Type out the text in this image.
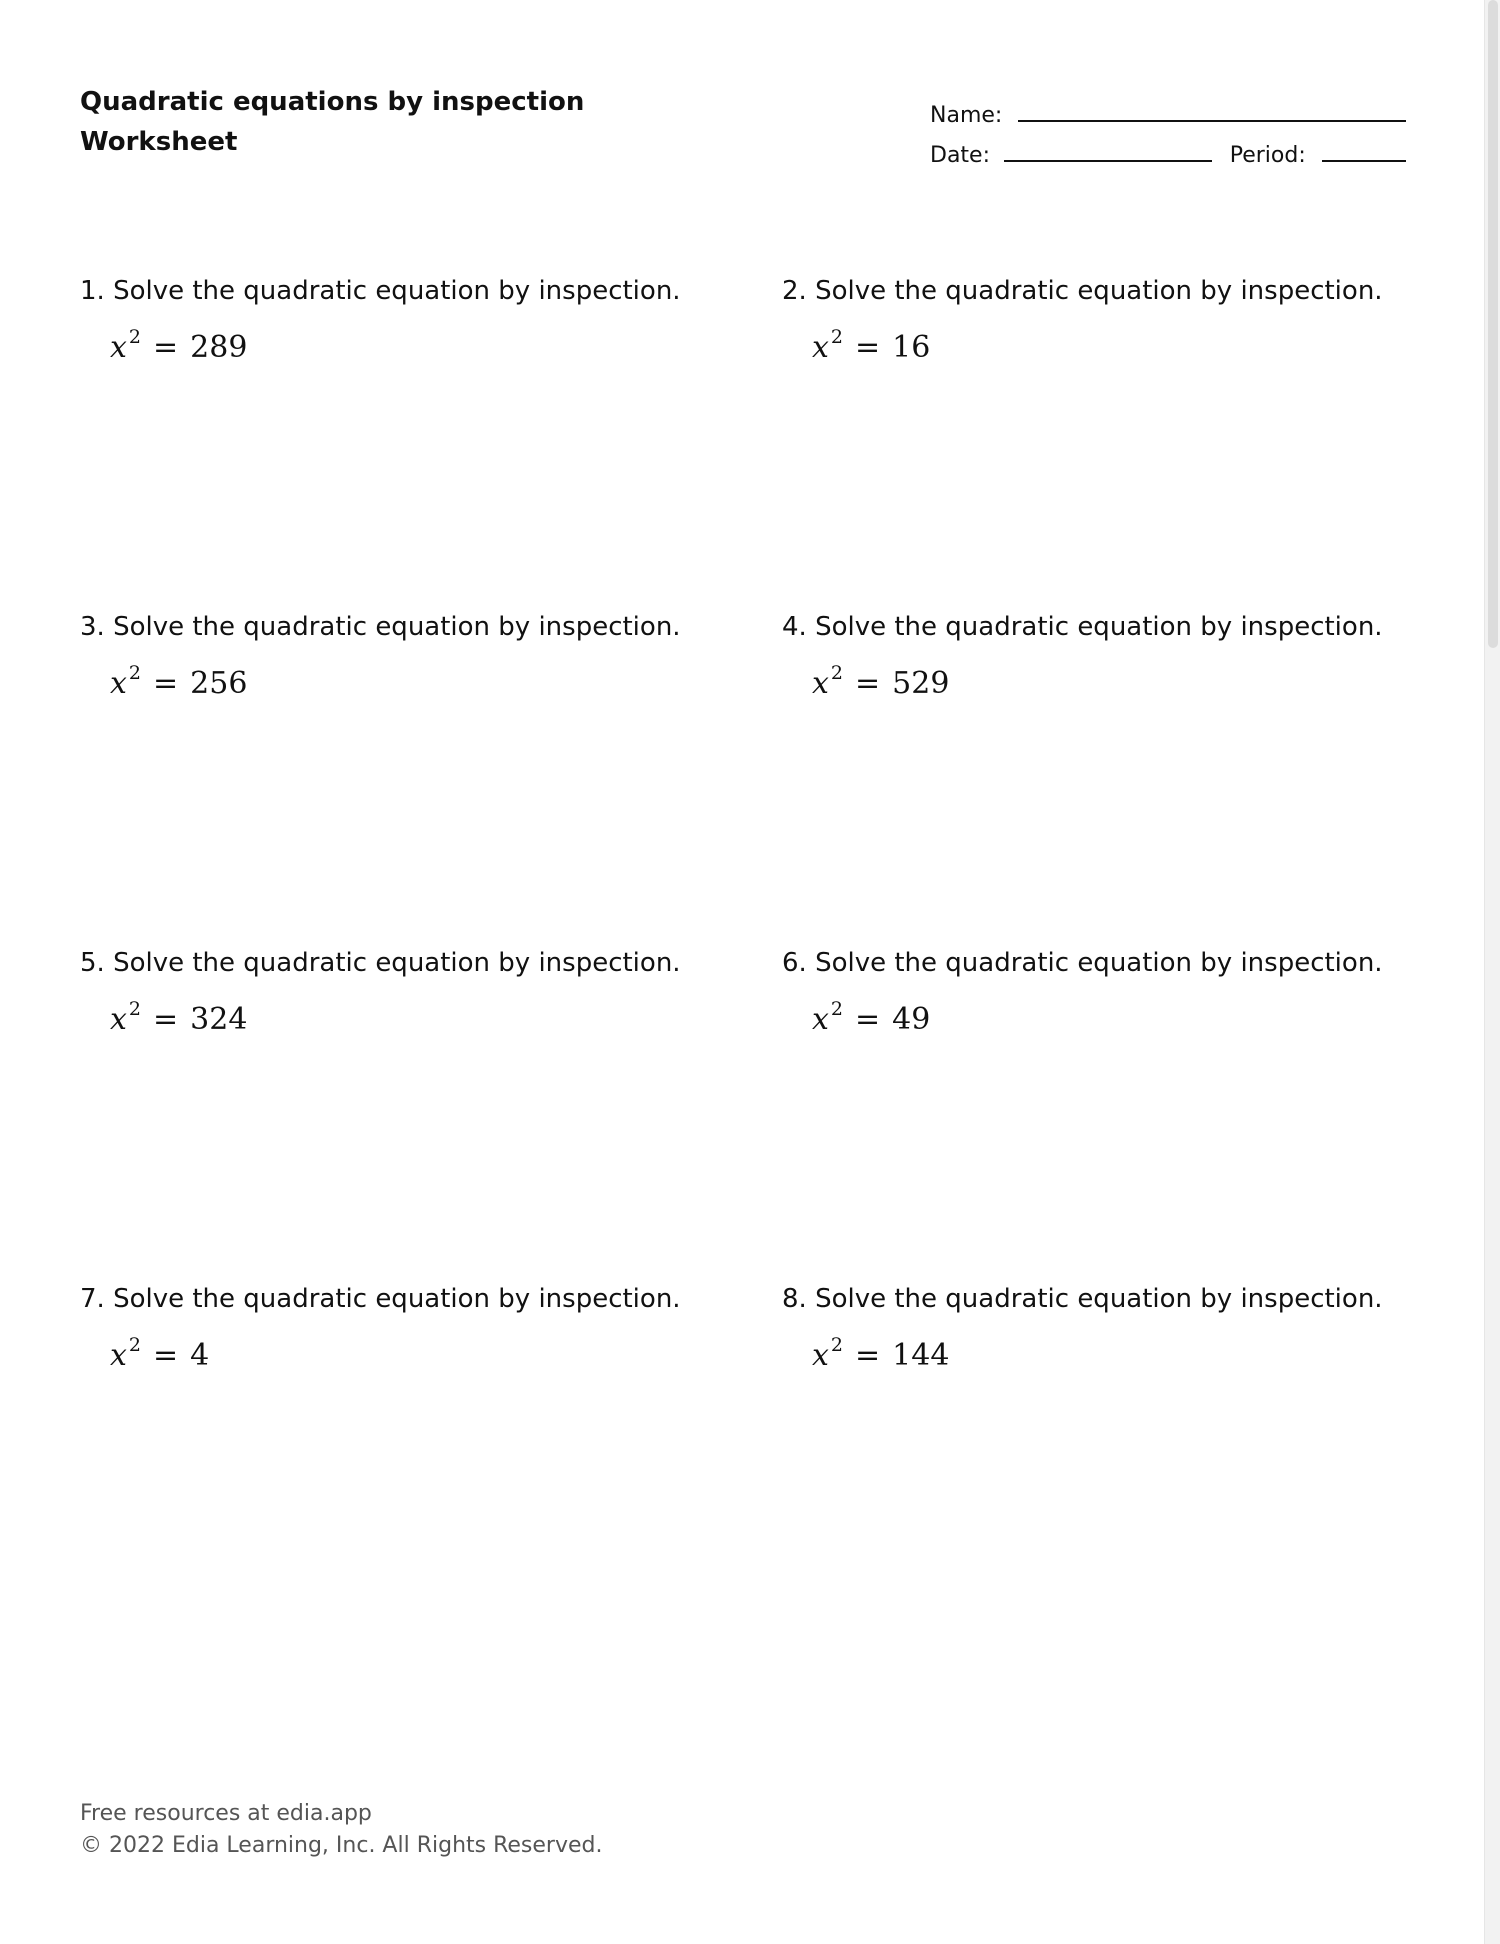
Quadratic equations by inspection
Worksheet
Name:
Date:	Period:
1. Solve the quadratic equation by inspection.
x $^2$ = 289
2. Solve the quadratic equation by inspection.
x $^2$ = 16
3. Solve the quadratic equation by inspection.
x $^2$ = 256
4. Solve the quadratic equation by inspection.
x $^2$ = 529
5. Solve the quadratic equation by inspection.
x $^2$ = 324
6. Solve the quadratic equation by inspection.
x $^2$ = 49
7. Solve the quadratic equation by inspection.
x $^2$ = 4
8. Solve the quadratic equation by inspection.
x $^2$ = 144
Free resources at edia.app
© 2022 Edia Learning, Inc. All Rights Reserved.
